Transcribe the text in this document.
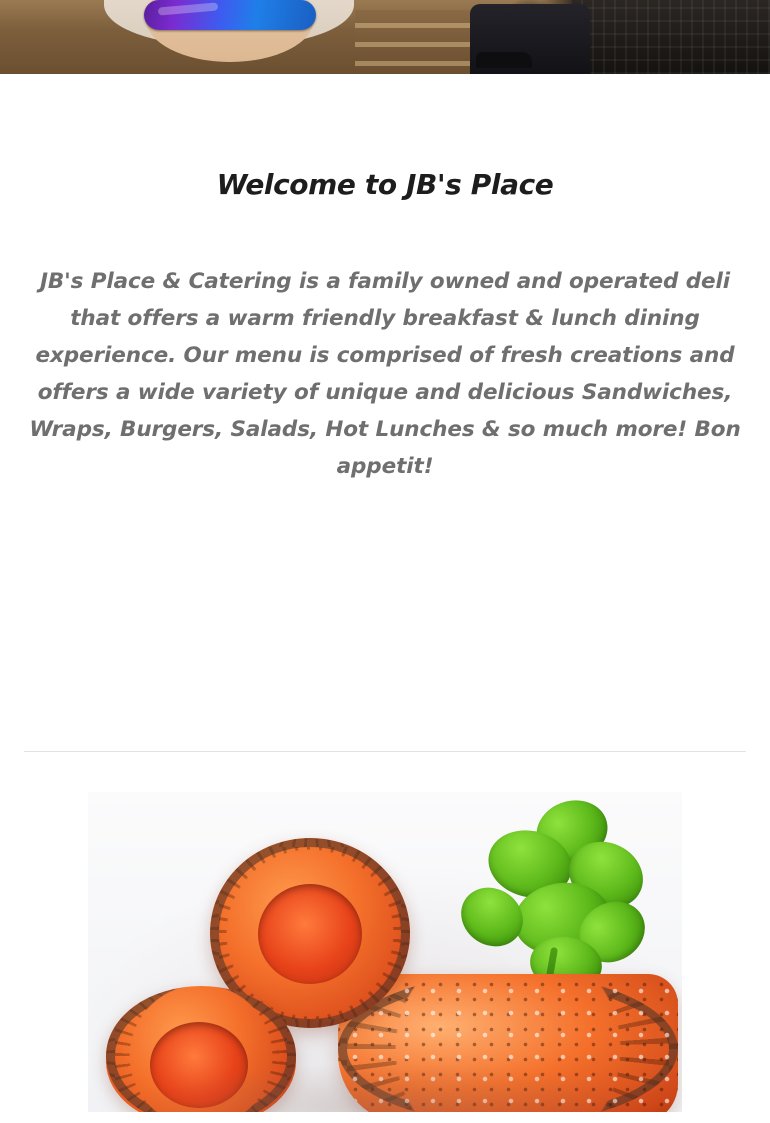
Welcome to JB's Place

JB's Place & Catering is a family owned and operated deli that offers a warm friendly breakfast & lunch dining experience. Our menu is comprised of fresh creations and offers a wide variety of unique and delicious Sandwiches, Wraps, Burgers, Salads, Hot Lunches & so much more! Bon appetit!
